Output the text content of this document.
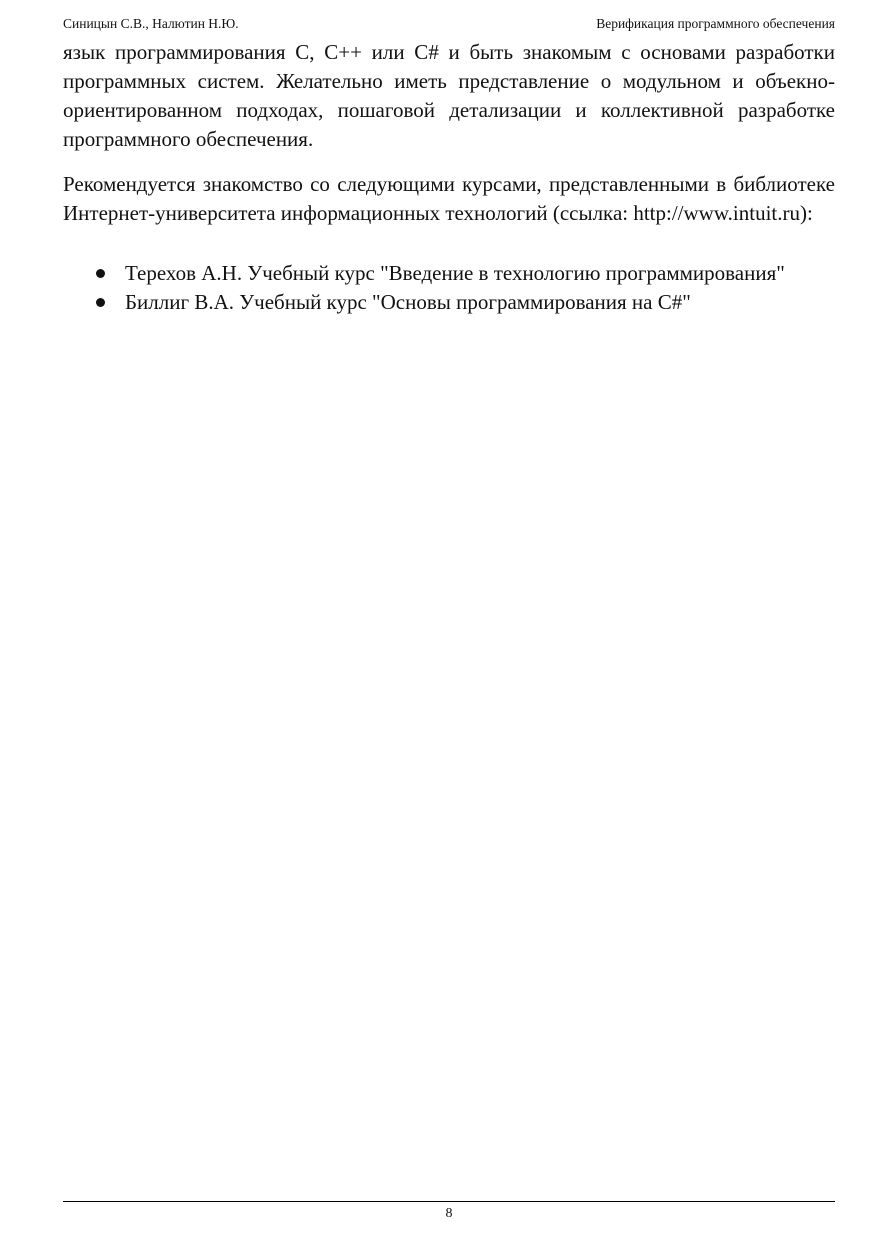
Синицын С.В., Налютин Н.Ю.	Верификация программного обеспечения

язык программирования C, C++ или C# и быть знакомым с основами разработки программных систем. Желательно иметь представление о модульном и объекно-ориентированном подходах, пошаговой детализации и коллективной разработке программного обеспечения.

Рекомендуется знакомство со следующими курсами, представленными в библиотеке Интернет-университета информационных технологий (ссылка: http://www.intuit.ru):

Терехов А.Н. Учебный курс "Введение в технологию программирования"
Биллиг В.А. Учебный курс "Основы программирования на C#"
8
